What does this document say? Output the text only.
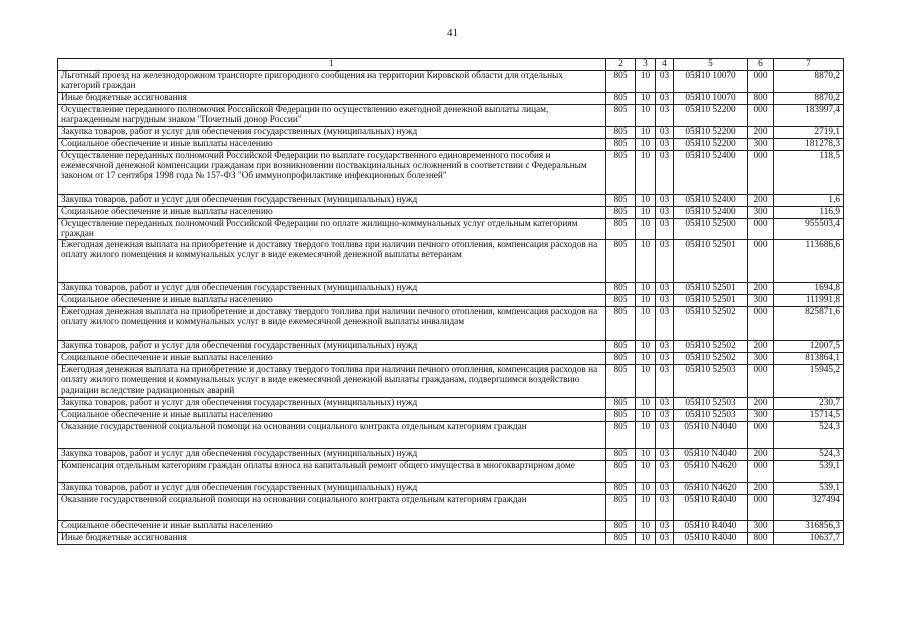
41
1	2	3	4	5	6	7
Льготный проезд на железнодорожном транспорте пригородного сообщения на территории Кировской области для отдельных категорий граждан	805	10	03	05Я10 10070	000	8870,2
Иные бюджетные ассигнования	805	10	03	05Я10 10070	800	8870,2
Осуществление переданного полномочия Российской Федерации по осуществлению ежегодной денежной выплаты лицам, награжденным нагрудным знаком "Почетный донор России"	805	10	03	05Я10 52200	000	183997,4
Закупка товаров, работ и услуг для обеспечения государственных (муниципальных) нужд	805	10	03	05Я10 52200	200	2719,1
Социальное обеспечение и иные выплаты населению	805	10	03	05Я10 52200	300	181278,3
Осуществление переданных полномочий Российской Федерации по выплате государственного единовременного пособия и ежемесячной денежной компенсации гражданам при возникновении поствакцинальных осложнений в соответствии с Федеральным законом от 17 сентября 1998 года № 157-ФЗ "Об иммунопрофилактике инфекционных болезней"	805	10	03	05Я10 52400	000	118,5
Закупка товаров, работ и услуг для обеспечения государственных (муниципальных) нужд	805	10	03	05Я10 52400	200	1,6
Социальное обеспечение и иные выплаты населению	805	10	03	05Я10 52400	300	116,9
Осуществление переданных полномочий Российской Федерации по оплате жилищно-коммунальных услуг отдельным категориям граждан	805	10	03	05Я10 52500	000	955503,4
Ежегодная денежная выплата на приобретение и доставку твердого топлива при наличии печного отопления, компенсация расходов на оплату жилого помещения и коммунальных услуг в виде ежемесячной денежной выплаты ветеранам	805	10	03	05Я10 52501	000	113686,6
Закупка товаров, работ и услуг для обеспечения государственных (муниципальных) нужд	805	10	03	05Я10 52501	200	1694,8
Социальное обеспечение и иные выплаты населению	805	10	03	05Я10 52501	300	111991,8
Ежегодная денежная выплата на приобретение и доставку твердого топлива при наличии печного отопления, компенсация расходов на оплату жилого помещения и коммунальных услуг в виде ежемесячной денежной выплаты инвалидам	805	10	03	05Я10 52502	000	825871,6
Закупка товаров, работ и услуг для обеспечения государственных (муниципальных) нужд	805	10	03	05Я10 52502	200	12007,5
Социальное обеспечение и иные выплаты населению	805	10	03	05Я10 52502	300	813864,1
Ежегодная денежная выплата на приобретение и доставку твердого топлива при наличии печного отопления, компенсация расходов на оплату жилого помещения и коммунальных услуг в виде ежемесячной денежной выплаты гражданам, подвергшимся воздействию радиации вследствие радиационных аварий	805	10	03	05Я10 52503	000	15945,2
Закупка товаров, работ и услуг для обеспечения государственных (муниципальных) нужд	805	10	03	05Я10 52503	200	230,7
Социальное обеспечение и иные выплаты населению	805	10	03	05Я10 52503	300	15714,5
Оказание государственной социальной помощи на основании социального контракта отдельным категориям граждан	805	10	03	05Я10 N4040	000	524,3
Закупка товаров, работ и услуг для обеспечения государственных (муниципальных) нужд	805	10	03	05Я10 N4040	200	524,3
Компенсация отдельным категориям граждан оплаты взноса на капитальный ремонт общего имущества в многоквартирном доме	805	10	03	05Я10 N4620	000	539,1
Закупка товаров, работ и услуг для обеспечения государственных (муниципальных) нужд	805	10	03	05Я10 N4620	200	539,1
Оказание государственной социальной помощи на основании социального контракта отдельным категориям граждан	805	10	03	05Я10 R4040	000	327494
Социальное обеспечение и иные выплаты населению	805	10	03	05Я10 R4040	300	316856,3
Иные бюджетные ассигнования	805	10	03	05Я10 R4040	800	10637,7
